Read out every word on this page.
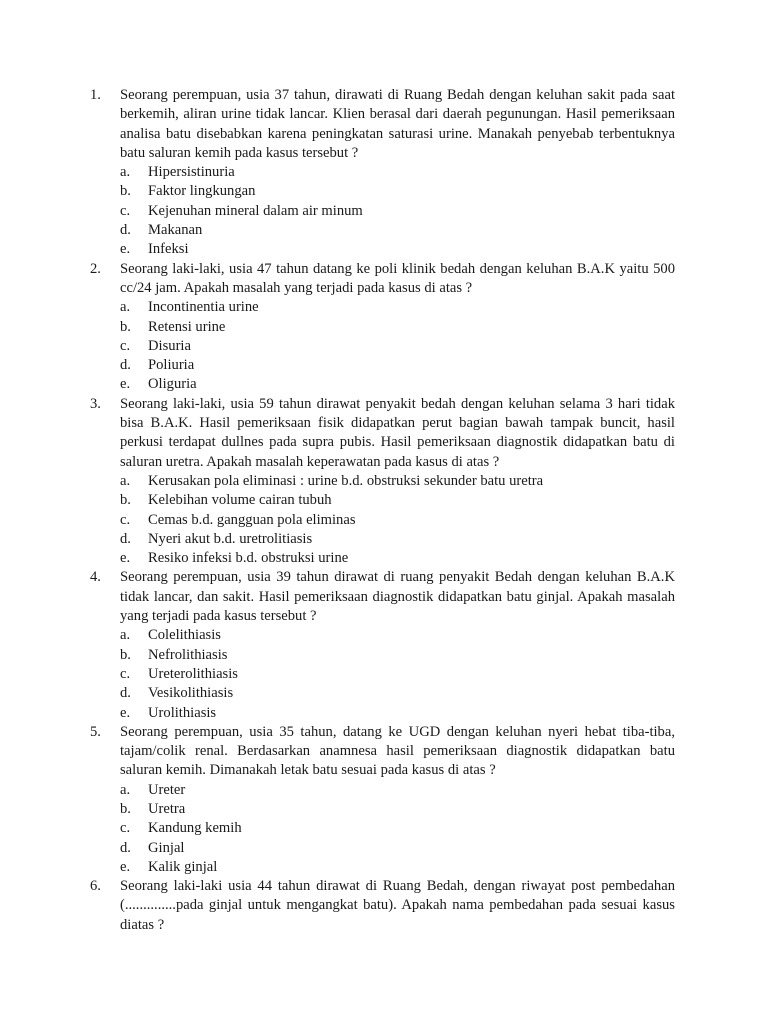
1. Seorang perempuan, usia 37 tahun, dirawati di Ruang Bedah dengan keluhan sakit pada saat berkemih, aliran urine tidak lancar. Klien berasal dari daerah pegunungan. Hasil pemeriksaan analisa batu disebabkan karena peningkatan saturasi urine. Manakah penyebab terbentuknya batu saluran kemih pada kasus tersebut ?
a. Hipersistinuria
b. Faktor lingkungan
c. Kejenuhan mineral dalam air minum
d. Makanan
e. Infeksi
2. Seorang laki-laki, usia 47 tahun datang ke poli klinik bedah dengan keluhan B.A.K yaitu 500 cc/24 jam. Apakah masalah yang terjadi pada kasus di atas ?
a. Incontinentia urine
b. Retensi urine
c. Disuria
d. Poliuria
e. Oliguria
3. Seorang laki-laki, usia 59 tahun dirawat penyakit bedah dengan keluhan selama 3 hari tidak bisa B.A.K. Hasil pemeriksaan fisik didapatkan perut bagian bawah tampak buncit, hasil perkusi terdapat dullnes pada supra pubis. Hasil pemeriksaan diagnostik didapatkan batu di saluran uretra. Apakah masalah keperawatan pada kasus di atas ?
a. Kerusakan pola eliminasi : urine b.d. obstruksi sekunder batu uretra
b. Kelebihan volume cairan tubuh
c. Cemas b.d. gangguan pola eliminas
d. Nyeri akut b.d. uretrolitiasis
e. Resiko infeksi b.d. obstruksi urine
4. Seorang perempuan, usia 39 tahun dirawat di ruang penyakit Bedah dengan keluhan B.A.K tidak lancar, dan sakit. Hasil pemeriksaan diagnostik didapatkan batu ginjal. Apakah masalah yang terjadi pada kasus tersebut ?
a. Colelithiasis
b. Nefrolithiasis
c. Ureterolithiasis
d. Vesikolithiasis
e. Urolithiasis
5. Seorang perempuan, usia 35 tahun, datang ke UGD dengan keluhan nyeri hebat tiba-tiba, tajam/colik renal. Berdasarkan anamnesa hasil pemeriksaan diagnostik didapatkan batu saluran kemih. Dimanakah letak batu sesuai pada kasus di atas ?
a. Ureter
b. Uretra
c. Kandung kemih
d. Ginjal
e. Kalik ginjal
6. Seorang laki-laki usia 44 tahun dirawat di Ruang Bedah, dengan riwayat post pembedahan (..............pada ginjal untuk mengangkat batu). Apakah nama pembedahan pada sesuai kasus diatas ?
